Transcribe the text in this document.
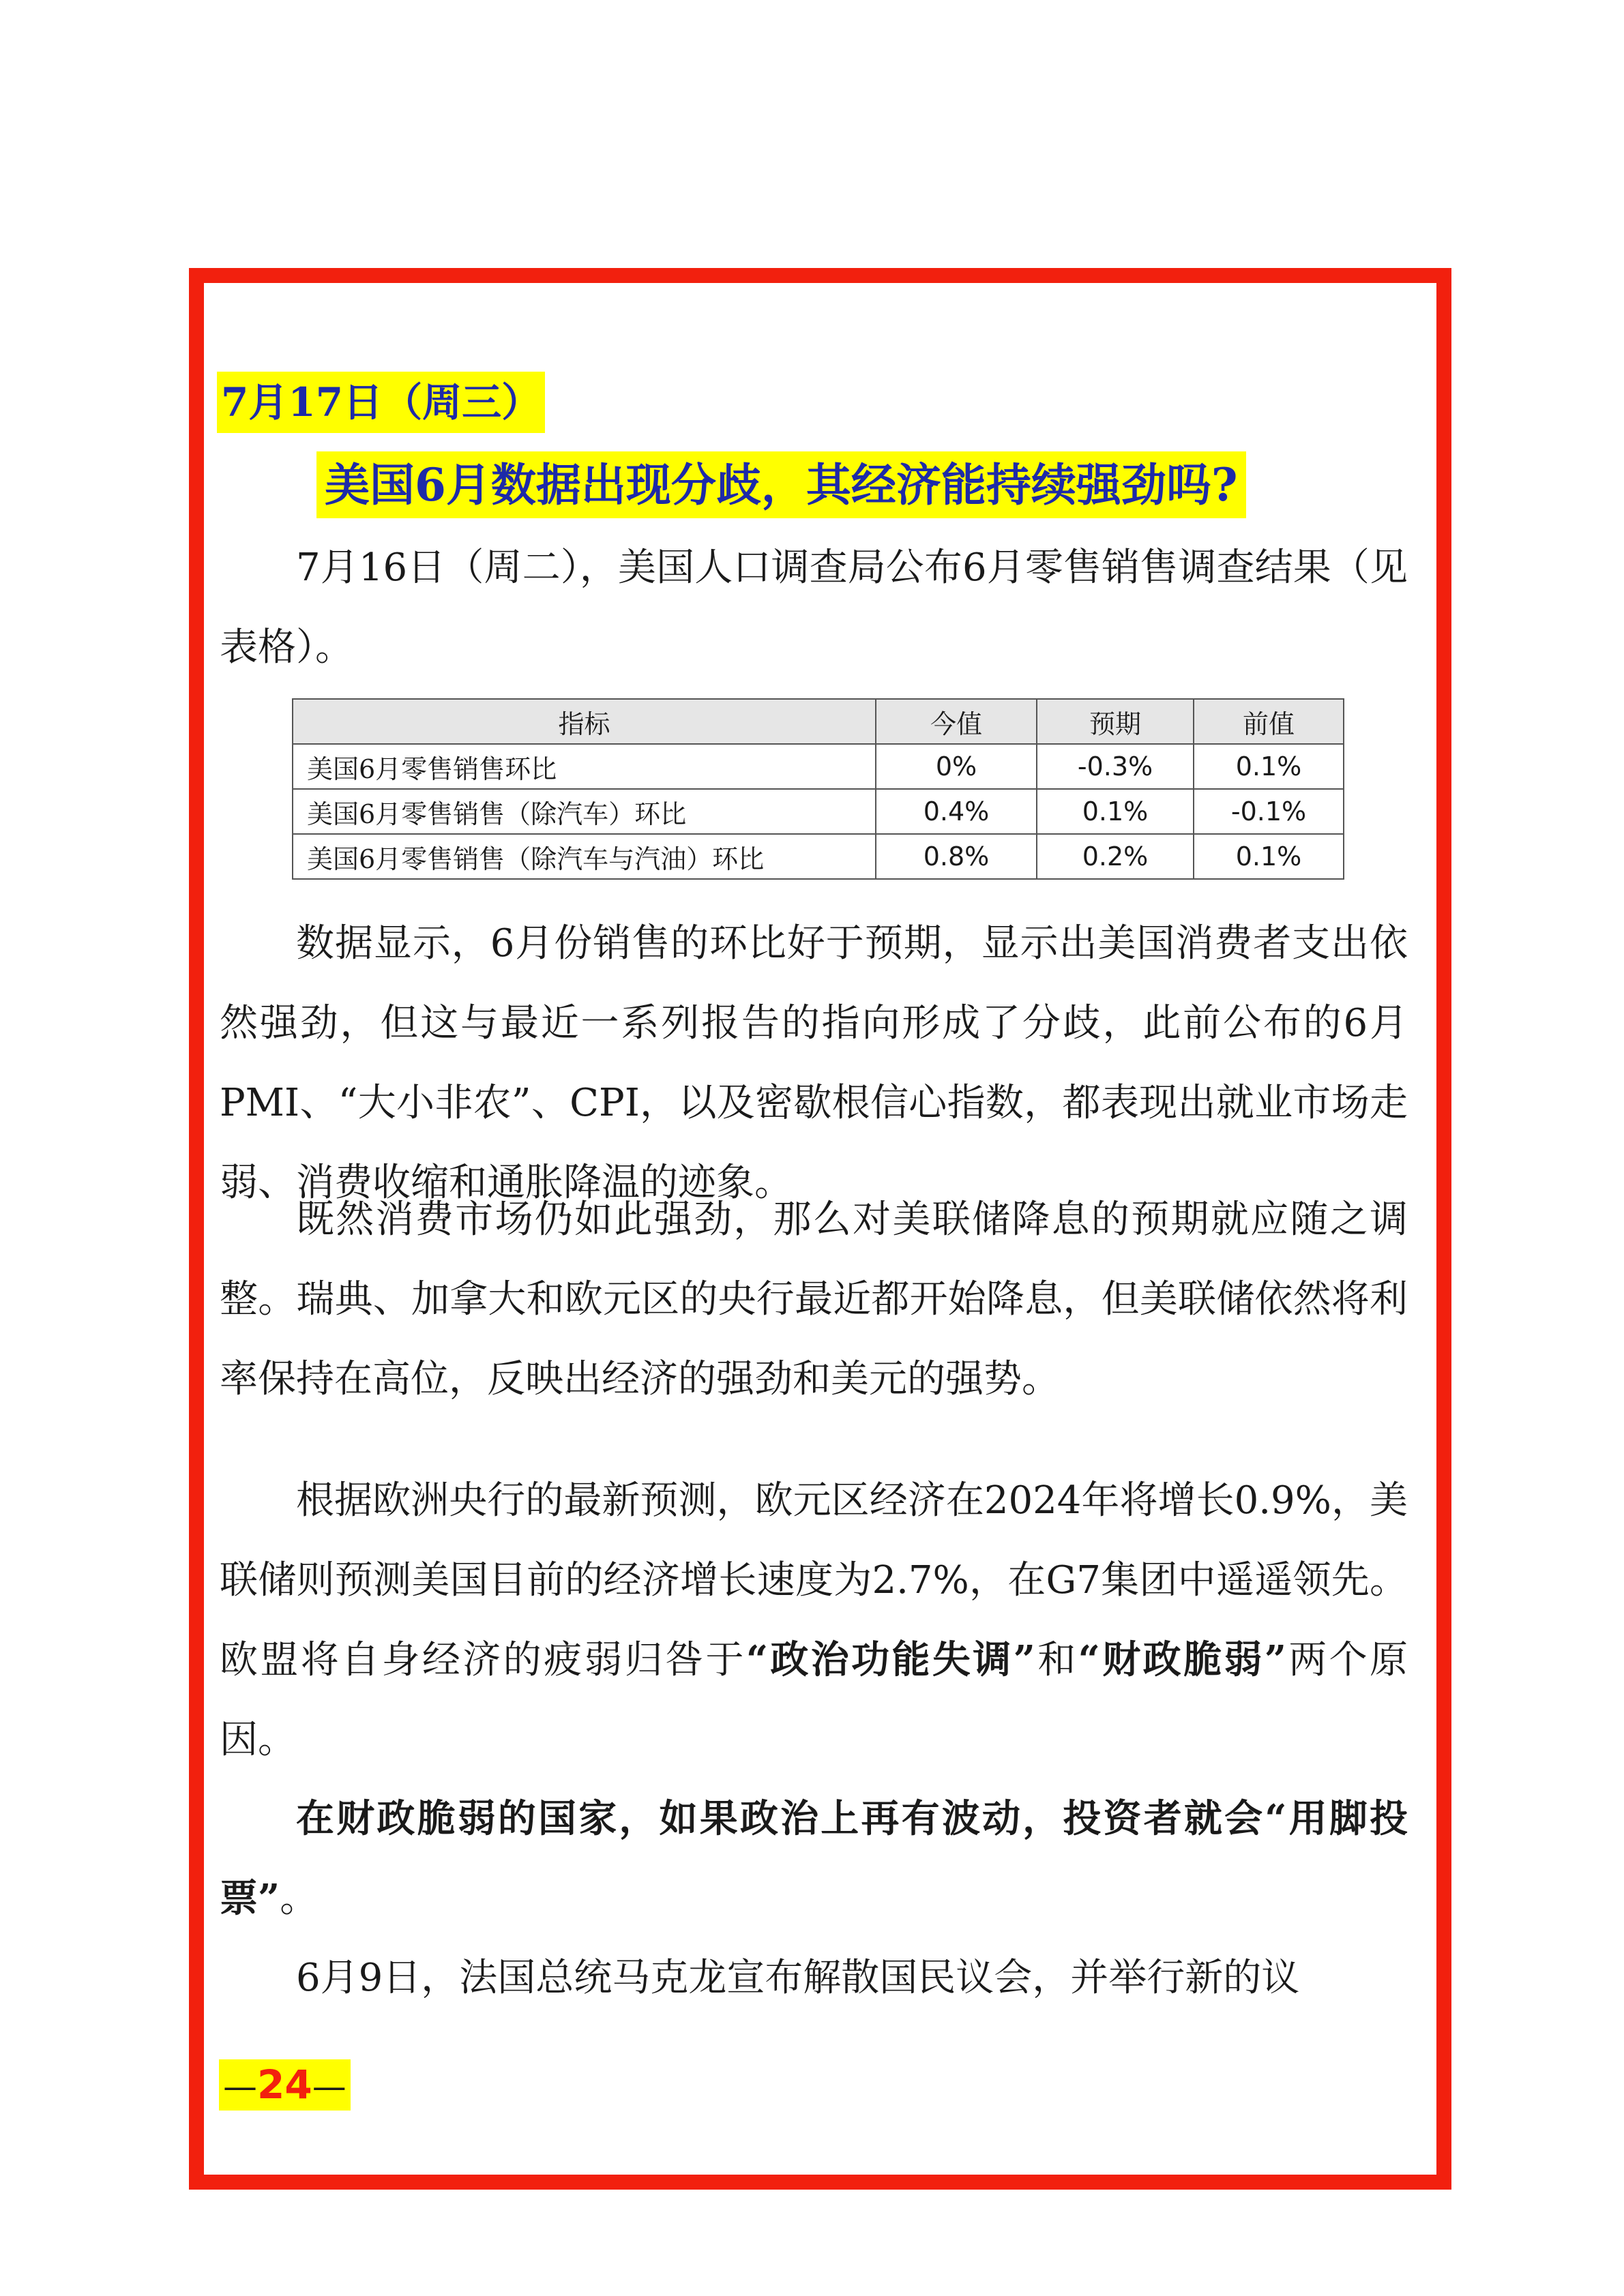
7月17日（周三）
美国6月数据出现分歧，其经济能持续强劲吗?

7月16日（周二），美国人口调查局公布6月零售销售调查结果（见表格）。

指标	今值	预期	前值
美国6月零售销售环比	0%	-0.3%	0.1%
美国6月零售销售（除汽车）环比	0.4%	0.1%	-0.1%
美国6月零售销售（除汽车与汽油）环比	0.8%	0.2%	0.1%

数据显示，6月份销售的环比好于预期，显示出美国消费者支出依然强劲，但这与最近一系列报告的指向形成了分歧，此前公布的6月PMI、“大小非农”、CPI，以及密歇根信心指数，都表现出就业市场走弱、消费收缩和通胀降温的迹象。

既然消费市场仍如此强劲，那么对美联储降息的预期就应随之调整。瑞典、加拿大和欧元区的央行最近都开始降息，但美联储依然将利率保持在高位，反映出经济的强劲和美元的强势。

根据欧洲央行的最新预测，欧元区经济在2024年将增长0.9%，美联储则预测美国目前的经济增长速度为2.7%，在G7集团中遥遥领先。欧盟将自身经济的疲弱归咎于“政治功能失调”和“财政脆弱”两个原因。

在财政脆弱的国家，如果政治上再有波动，投资者就会“用脚投票”。

6月9日，法国总统马克龙宣布解散国民议会，并举行新的议

—24—
